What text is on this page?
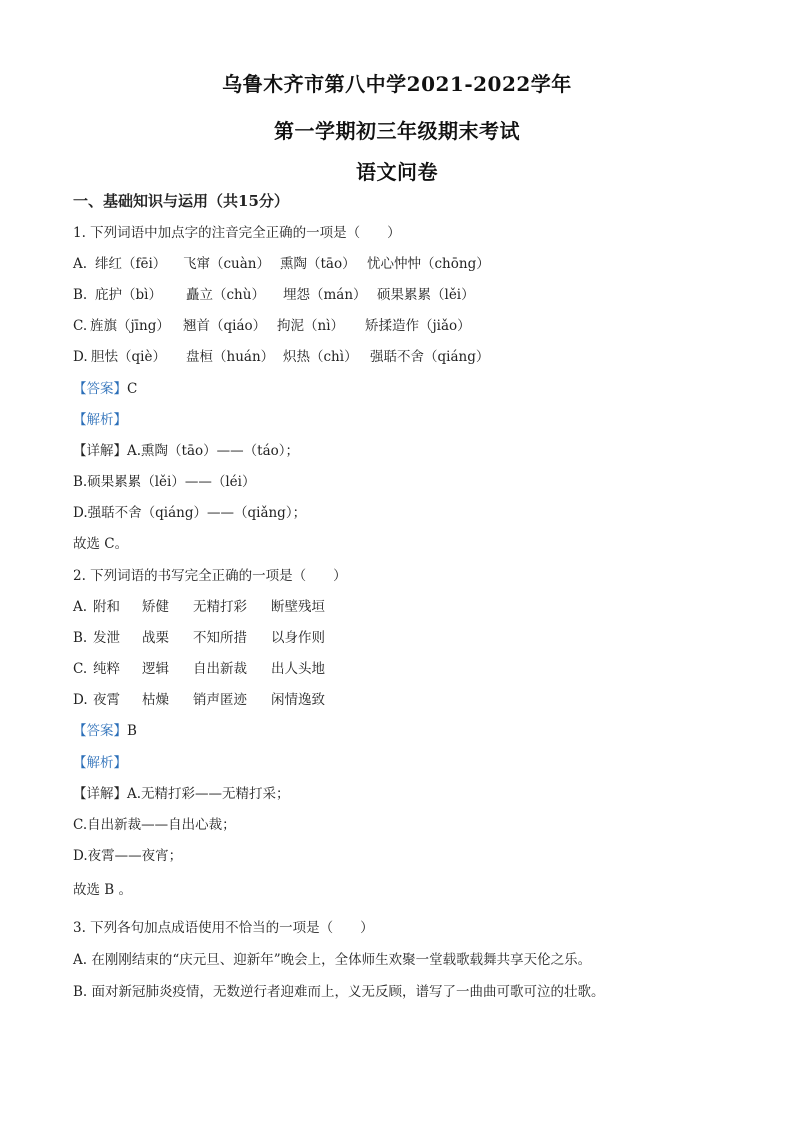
乌鲁木齐市第八中学2021-2022学年
第一学期初三年级期末考试
语文问卷
一、基础知识与运用（共15分）
1. 下列词语中加点字的注音完全正确的一项是（　　）
A. 绯红（fēi） 飞窜（cuàn） 熏陶（tāo） 忧心忡忡（chōng）
B. 庇护（bì） 矗立（chù） 埋怨（mán） 硕果累累（lěi）
C. 旌旗（jīng） 翘首（qiáo） 拘泥（nì） 矫揉造作（jiǎo）
D. 胆怯（qiè） 盘桓（huán） 炽热（chì） 强聒不舍（qiáng）
【答案】C
【解析】
【详解】A.熏陶（tāo）——（táo）；
B.硕果累累（lěi）——（léi）
D.强聒不舍（qiáng）——（qiǎng）；
故选 C。
2. 下列词语的书写完全正确的一项是（　　）
A. 附和 矫健 无精打彩 断壁残垣
B. 发泄 战栗 不知所措 以身作则
C. 纯粹 逻辑 自出新裁 出人头地
D. 夜霄 枯燥 销声匿迹 闲情逸致
【答案】B
【解析】
【详解】A.无精打彩——无精打采；
C.自出新裁——自出心裁；
D.夜霄——夜宵；
故选 B 。
3. 下列各句加点成语使用不恰当的一项是（　　）
A. 在刚刚结束的“庆元旦、迎新年”晚会上，全体师生欢聚一堂载歌载舞共享天伦之乐。
B. 面对新冠肺炎疫情，无数逆行者迎难而上，义无反顾，谱写了一曲曲可歌可泣的壮歌。
